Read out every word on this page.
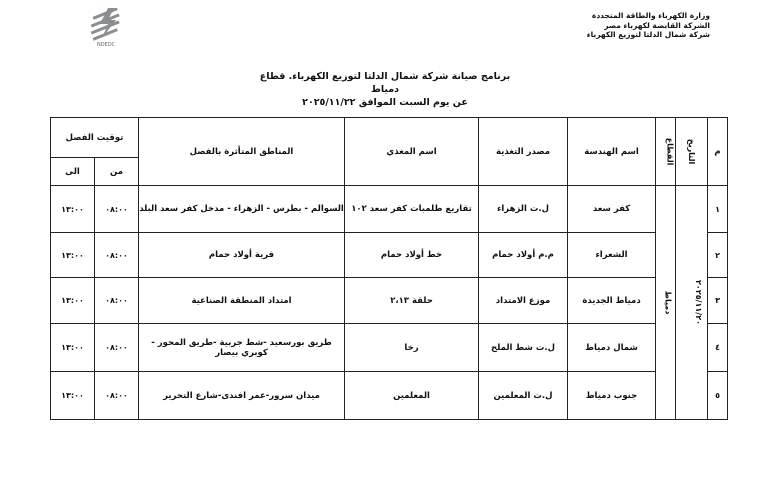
NDEDC
وزارة الكهرباء والطاقة المتجددة
الشركة القابضة لكهرباء مصر
شركة شمال الدلتا لتوزيع الكهرباء
برنامج صيانة شركة شمال الدلتا لتوزيع الكهرباء. قطاع دمياط
عن يوم السبت الموافق ٢٠٢٥/١١/٢٢
توقيت الفصل		المناطق المتأثرة بالفصل	اسم المغذي	مصدر التغذية	اسم الهندسة	القطاع	التاريخ	م
الى	من							
١٣:٠٠	٠٨:٠٠	السوالم - بطرس - الزهراء - مدخل كفر سعد البلد	تقاريع طلمبات كفر سعد ١٠٢	ل.ت الزهراء	كفر سعد	دمياط	٢٠٢٥/١١/٢٠	١
١٣:٠٠	٠٨:٠٠	قرية أولاد حمام	خط أولاد حمام	م.م أولاد حمام	الشعراء			٢
١٣:٠٠	٠٨:٠٠	امتداد المنطقة الصناعية	حلقة ٢،١٣	موزع الامتداد	دمياط الجديدة			٣
١٣:٠٠	٠٨:٠٠	طريق بورسعيد -شط جربية -طريق المحور - كوبري بيصار	رخا	ل.ت شط الملح	شمال دمياط			٤
١٣:٠٠	٠٨:٠٠	ميدان سرور-عمر افندى-شارع التحرير	المعلمين	ل.ت المعلمين	جنوب دمياط			٥
